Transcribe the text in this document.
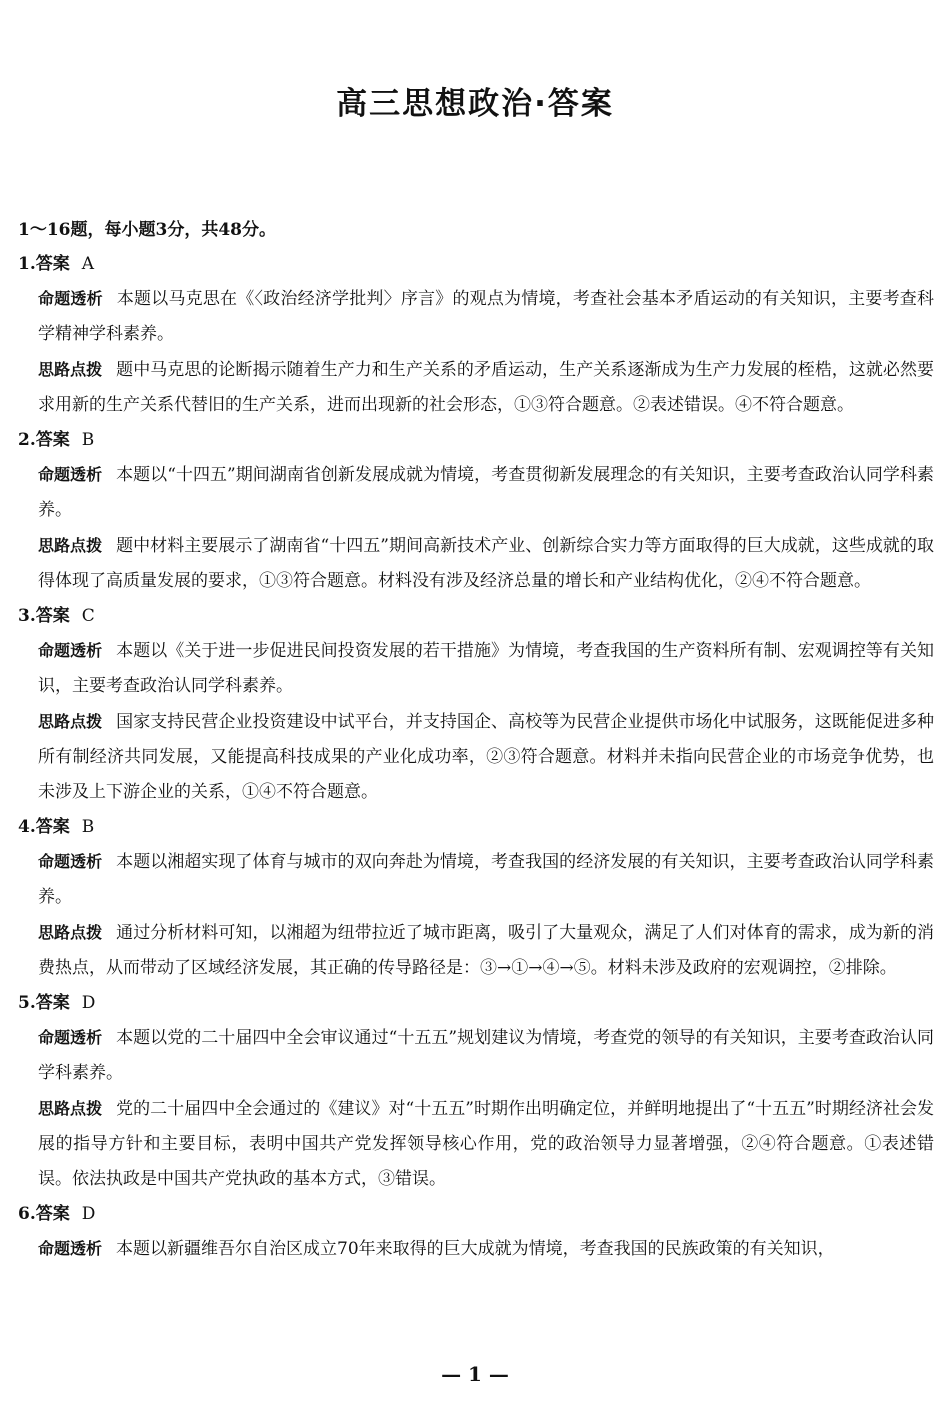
高三思想政治·答案
1～16题，每小题3分，共48分。
1.答案 A
命题透析 本题以马克思在《〈政治经济学批判〉序言》的观点为情境，考查社会基本矛盾运动的有关知识，主要考查科学精神学科素养。
思路点拨 题中马克思的论断揭示随着生产力和生产关系的矛盾运动，生产关系逐渐成为生产力发展的桎梏，这就必然要求用新的生产关系代替旧的生产关系，进而出现新的社会形态，①③符合题意。②表述错误。④不符合题意。
2.答案 B
命题透析 本题以“十四五”期间湖南省创新发展成就为情境，考查贯彻新发展理念的有关知识，主要考查政治认同学科素养。
思路点拨 题中材料主要展示了湖南省“十四五”期间高新技术产业、创新综合实力等方面取得的巨大成就，这些成就的取得体现了高质量发展的要求，①③符合题意。材料没有涉及经济总量的增长和产业结构优化，②④不符合题意。
3.答案 C
命题透析 本题以《关于进一步促进民间投资发展的若干措施》为情境，考查我国的生产资料所有制、宏观调控等有关知识，主要考查政治认同学科素养。
思路点拨 国家支持民营企业投资建设中试平台，并支持国企、高校等为民营企业提供市场化中试服务，这既能促进多种所有制经济共同发展，又能提高科技成果的产业化成功率，②③符合题意。材料并未指向民营企业的市场竞争优势，也未涉及上下游企业的关系，①④不符合题意。
4.答案 B
命题透析 本题以湘超实现了体育与城市的双向奔赴为情境，考查我国的经济发展的有关知识，主要考查政治认同学科素养。
思路点拨 通过分析材料可知，以湘超为纽带拉近了城市距离，吸引了大量观众，满足了人们对体育的需求，成为新的消费热点，从而带动了区域经济发展，其正确的传导路径是：③→①→④→⑤。材料未涉及政府的宏观调控，②排除。
5.答案 D
命题透析 本题以党的二十届四中全会审议通过“十五五”规划建议为情境，考查党的领导的有关知识，主要考查政治认同学科素养。
思路点拨 党的二十届四中全会通过的《建议》对“十五五”时期作出明确定位，并鲜明地提出了“十五五”时期经济社会发展的指导方针和主要目标，表明中国共产党发挥领导核心作用，党的政治领导力显著增强，②④符合题意。①表述错误。依法执政是中国共产党执政的基本方式，③错误。
6.答案 D
命题透析 本题以新疆维吾尔自治区成立70年来取得的巨大成就为情境，考查我国的民族政策的有关知识，
— 1 —
